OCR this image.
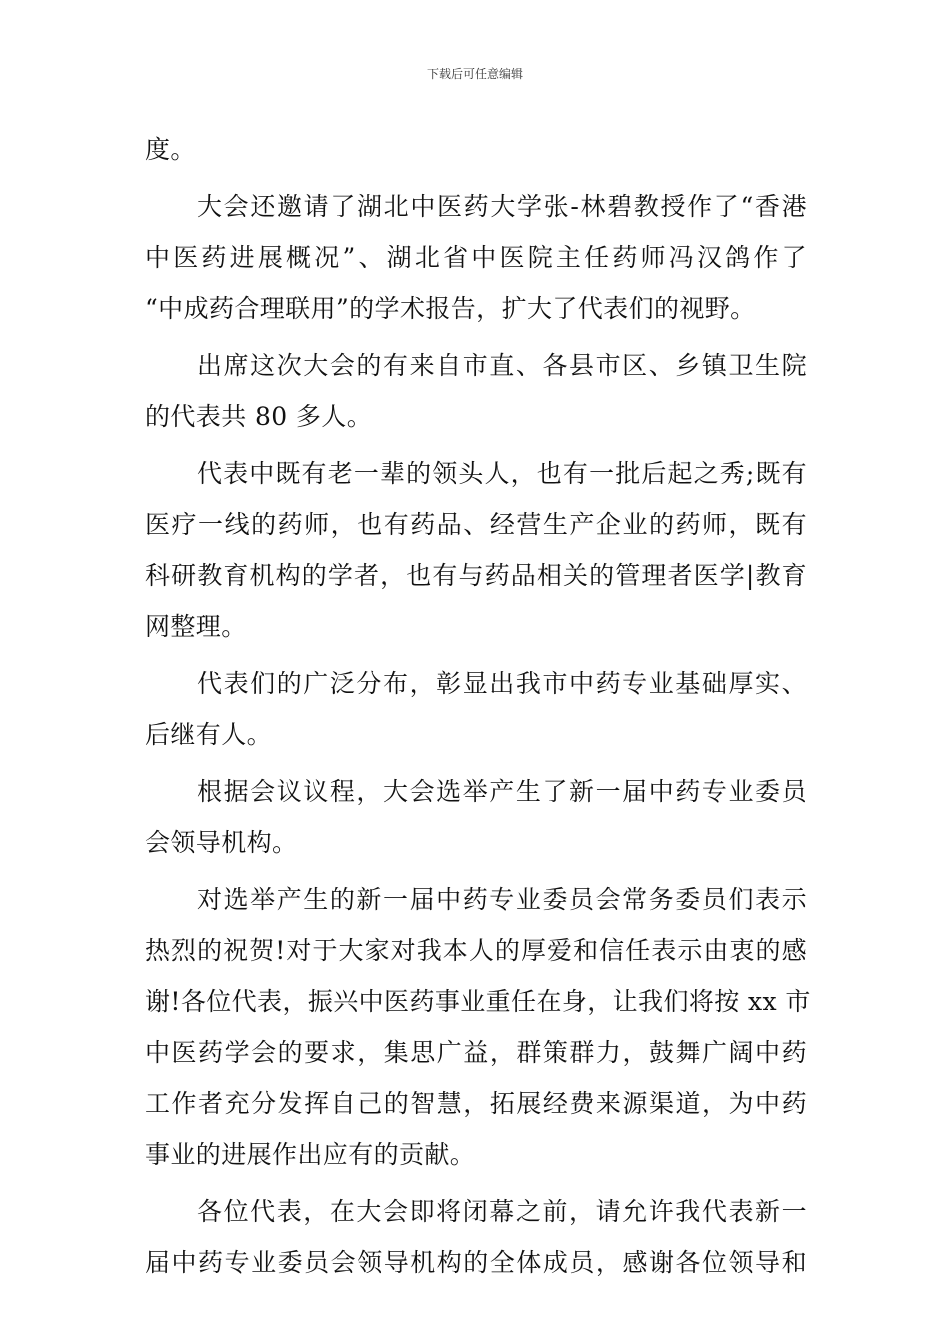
下载后可任意编辑
度。
大会还邀请了湖北中医药大学张-林碧教授作了“香港
中医药进展概况”、湖北省中医院主任药师冯汉鸽作了
“中成药合理联用”的学术报告，扩大了代表们的视野。
出席这次大会的有来自市直、各县市区、乡镇卫生院
的代表共 80 多人。
代表中既有老一辈的领头人，也有一批后起之秀;既有
医疗一线的药师，也有药品、经营生产企业的药师，既有
科研教育机构的学者，也有与药品相关的管理者医学|教育
网整理。
代表们的广泛分布，彰显出我市中药专业基础厚实、
后继有人。
根据会议议程，大会选举产生了新一届中药专业委员
会领导机构。
对选举产生的新一届中药专业委员会常务委员们表示
热烈的祝贺!对于大家对我本人的厚爱和信任表示由衷的感
谢!各位代表，振兴中医药事业重任在身，让我们将按 xx 市
中医药学会的要求，集思广益，群策群力，鼓舞广阔中药
工作者充分发挥自己的智慧，拓展经费来源渠道，为中药
事业的进展作出应有的贡献。
各位代表，在大会即将闭幕之前，请允许我代表新一
届中药专业委员会领导机构的全体成员，感谢各位领导和
